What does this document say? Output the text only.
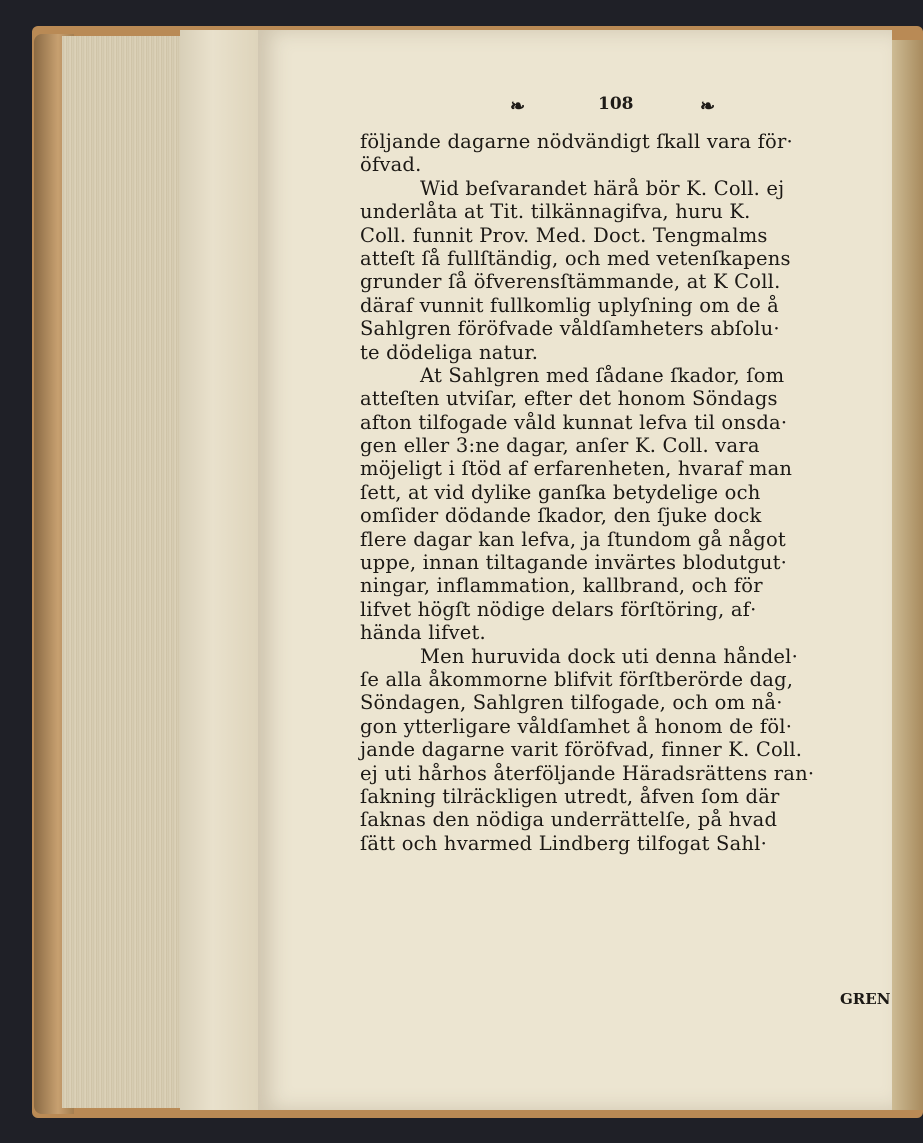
❧	108	❧
följande dagarne nödvändigt ſkall vara för·
öfvad.
Wid beſvarandet härå bör K. Coll. ej
underlåta at Tit. tilkännagifva, huru K.
Coll. funnit Prov. Med. Doct. Tengmalms
atteſt ſå fullſtändig, och med vetenſkapens
grunder ſå öfverensſtämmande, at K Coll.
däraf vunnit fullkomlig uplyſning om de å
Sahlgren föröfvade våldſamheters abſolu·
te dödeliga natur.
At Sahlgren med ſådane ſkador, ſom
atteſten utviſar, efter det honom Söndags
afton tilfogade våld kunnat lefva til onsda·
gen eller 3:ne dagar, anſer K. Coll. vara
möjeligt i ſtöd af erfarenheten, hvaraf man
ſett, at vid dylike ganſka betydelige och
omſider dödande ſkador, den ſjuke dock
flere dagar kan lefva, ja ſtundom gå något
uppe, innan tiltagande invärtes blodutgut·
ningar, inflammation, kallbrand, och för
lifvet högſt nödige delars förſtöring, af·
hända lifvet.
Men huruvida dock uti denna håndel·
ſe alla åkommorne blifvit förſtberörde dag,
Söndagen, Sahlgren tilfogade, och om nå·
gon ytterligare våldſamhet å honom de föl·
jande dagarne varit föröfvad, finner K. Coll.
ej uti hårhos återföljande Häradsrättens ran·
ſakning tilräckligen utredt, åfven ſom där
ſaknas den nödiga underrättelſe, på hvad
ſätt och hvarmed Lindberg tilfogat Sahl·
GREN
